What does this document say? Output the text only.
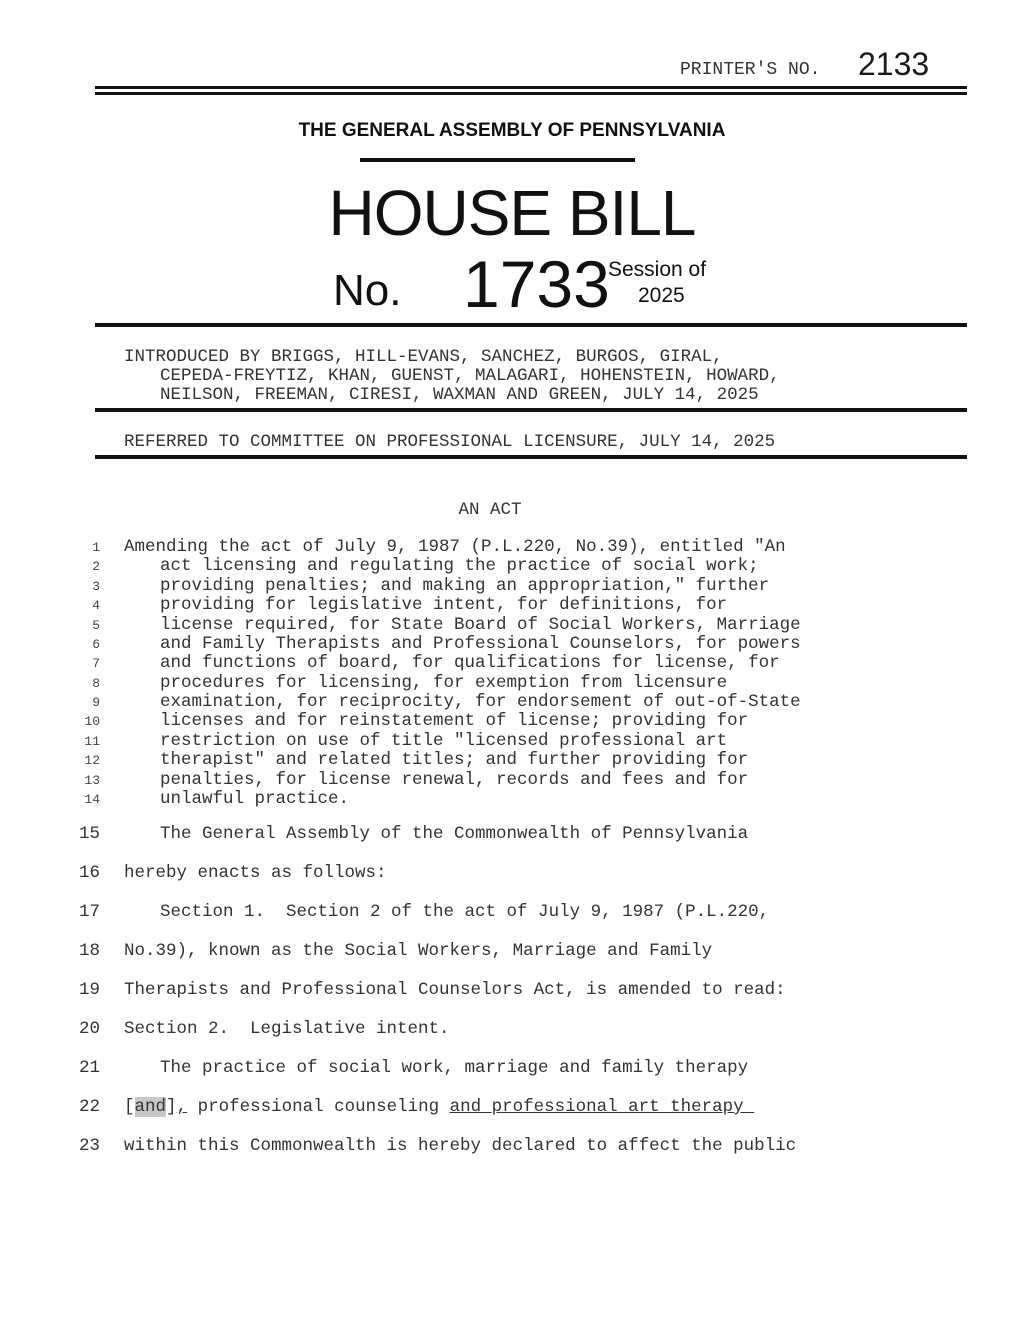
PRINTER'S NO. 2133
THE GENERAL ASSEMBLY OF PENNSYLVANIA
HOUSE BILL
No. 1733
Session of
2025
INTRODUCED BY BRIGGS, HILL-EVANS, SANCHEZ, BURGOS, GIRAL,
CEPEDA-FREYTIZ, KHAN, GUENST, MALAGARI, HOHENSTEIN, HOWARD,
NEILSON, FREEMAN, CIRESI, WAXMAN AND GREEN, JULY 14, 2025
REFERRED TO COMMITTEE ON PROFESSIONAL LICENSURE, JULY 14, 2025
AN ACT
1 Amending the act of July 9, 1987 (P.L.220, No.39), entitled "An
2	act licensing and regulating the practice of social work;
3	providing penalties; and making an appropriation," further
4	providing for legislative intent, for definitions, for
5	license required, for State Board of Social Workers, Marriage
6	and Family Therapists and Professional Counselors, for powers
7	and functions of board, for qualifications for license, for
8	procedures for licensing, for exemption from licensure
9	examination, for reciprocity, for endorsement of out-of-State
10	licenses and for reinstatement of license; providing for
11	restriction on use of title "licensed professional art
12	therapist" and related titles; and further providing for
13	penalties, for license renewal, records and fees and for
14	unlawful practice.
15	The General Assembly of the Commonwealth of Pennsylvania
16 hereby enacts as follows:
17	Section 1.  Section 2 of the act of July 9, 1987 (P.L.220,
18 No.39), known as the Social Workers, Marriage and Family
19 Therapists and Professional Counselors Act, is amended to read:
20 Section 2.  Legislative intent.
21	The practice of social work, marriage and family therapy
22 [and], professional counseling and professional art therapy
23 within this Commonwealth is hereby declared to affect the public
